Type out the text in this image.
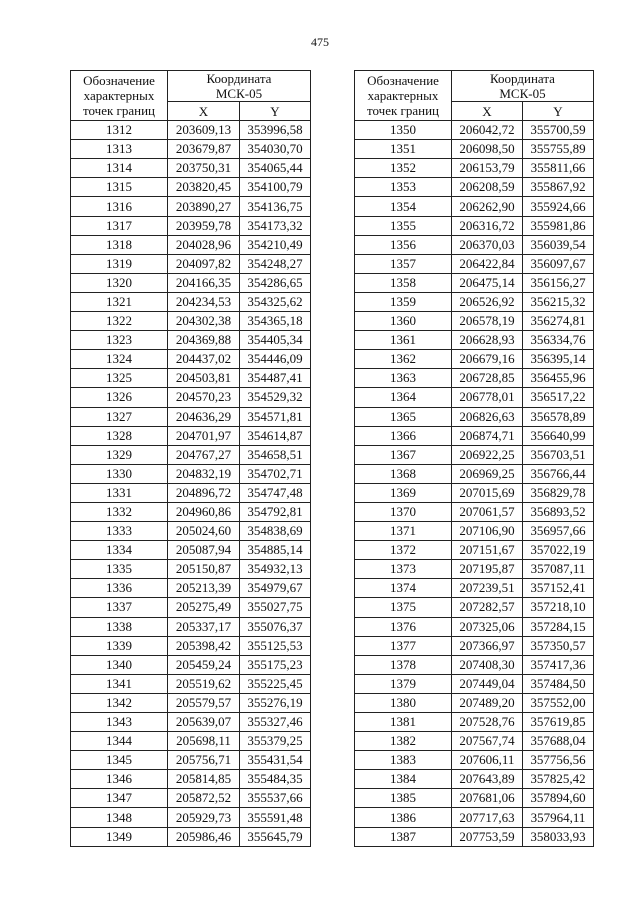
475
Обозначение
характерных
точек границ	Координата
МСК-05	
	X	Y
1312	203609,13	353996,58
1313	203679,87	354030,70
1314	203750,31	354065,44
1315	203820,45	354100,79
1316	203890,27	354136,75
1317	203959,78	354173,32
1318	204028,96	354210,49
1319	204097,82	354248,27
1320	204166,35	354286,65
1321	204234,53	354325,62
1322	204302,38	354365,18
1323	204369,88	354405,34
1324	204437,02	354446,09
1325	204503,81	354487,41
1326	204570,23	354529,32
1327	204636,29	354571,81
1328	204701,97	354614,87
1329	204767,27	354658,51
1330	204832,19	354702,71
1331	204896,72	354747,48
1332	204960,86	354792,81
1333	205024,60	354838,69
1334	205087,94	354885,14
1335	205150,87	354932,13
1336	205213,39	354979,67
1337	205275,49	355027,75
1338	205337,17	355076,37
1339	205398,42	355125,53
1340	205459,24	355175,23
1341	205519,62	355225,45
1342	205579,57	355276,19
1343	205639,07	355327,46
1344	205698,11	355379,25
1345	205756,71	355431,54
1346	205814,85	355484,35
1347	205872,52	355537,66
1348	205929,73	355591,48
1349	205986,46	355645,79
Обозначение
характерных
точек границ	Координата
МСК-05	
	X	Y
1350	206042,72	355700,59
1351	206098,50	355755,89
1352	206153,79	355811,66
1353	206208,59	355867,92
1354	206262,90	355924,66
1355	206316,72	355981,86
1356	206370,03	356039,54
1357	206422,84	356097,67
1358	206475,14	356156,27
1359	206526,92	356215,32
1360	206578,19	356274,81
1361	206628,93	356334,76
1362	206679,16	356395,14
1363	206728,85	356455,96
1364	206778,01	356517,22
1365	206826,63	356578,89
1366	206874,71	356640,99
1367	206922,25	356703,51
1368	206969,25	356766,44
1369	207015,69	356829,78
1370	207061,57	356893,52
1371	207106,90	356957,66
1372	207151,67	357022,19
1373	207195,87	357087,11
1374	207239,51	357152,41
1375	207282,57	357218,10
1376	207325,06	357284,15
1377	207366,97	357350,57
1378	207408,30	357417,36
1379	207449,04	357484,50
1380	207489,20	357552,00
1381	207528,76	357619,85
1382	207567,74	357688,04
1383	207606,11	357756,56
1384	207643,89	357825,42
1385	207681,06	357894,60
1386	207717,63	357964,11
1387	207753,59	358033,93
